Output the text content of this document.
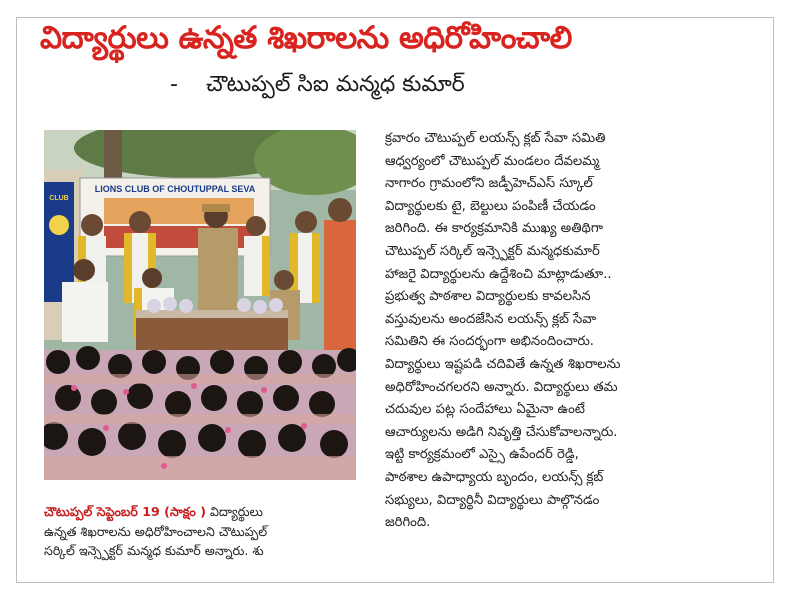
విద్యార్థులు ఉన్నత శిఖరాలను అధిరోహించాలి
- చౌటుప్పల్ సిఐ మన్మధ కుమార్
LIONS CLUB OF CHOUTUPPAL SEVA
CLUB

చౌటుప్పల్ సెప్టెంబర్ 19 (సాక్షం ) విద్యార్థులు

ఉన్నత శిఖరాలను అధిరోహించాలని చౌటుప్పల్

సర్కిల్ ఇన్స్పెక్టర్ మన్మధ కుమార్ అన్నారు. శు

క్రవారం చౌటుప్పల్ లయన్స్ క్లబ్ సేవా సమితి

ఆధ్వర్యంలో చౌటుప్పల్ మండలం దేవలమ్మ

నాగారం గ్రామంలోని జడ్పీహెచ్ఎస్ స్కూల్

విద్యార్థులకు టై, బెల్టులు పంపిణీ చేయడం

జరిగింది. ఈ కార్యక్రమానికి ముఖ్య అతిథిగా

చౌటుప్పల్ సర్కిల్ ఇన్స్పెక్టర్ మన్మధకుమార్

హాజరై విద్యార్థులను ఉద్దేశించి మాట్లాడుతూ..

ప్రభుత్వ పాఠశాల విద్యార్థులకు కావలసిన

వస్తువులను అందజేసిన లయన్స్ క్లబ్ సేవా

సమితిని ఈ సందర్భంగా అభినందించారు.

విద్యార్థులు ఇష్టపడి చదివితే ఉన్నత శిఖరాలను

అధిరోహించగలరని అన్నారు. విద్యార్థులు తమ

చదువుల పట్ల సందేహాలు ఏమైనా ఉంటే

ఆచార్యులను అడిగి నివృత్తి చేసుకోవాలన్నారు.

ఇట్టి కార్యక్రమంలో ఎస్సై ఉపేందర్ రెడ్డి,

పాఠశాల ఉపాధ్యాయ బృందం, లయన్స్ క్లబ్

సభ్యులు, విద్యార్థినీ విద్యార్థులు పాల్గొనడం

జరిగింది.
